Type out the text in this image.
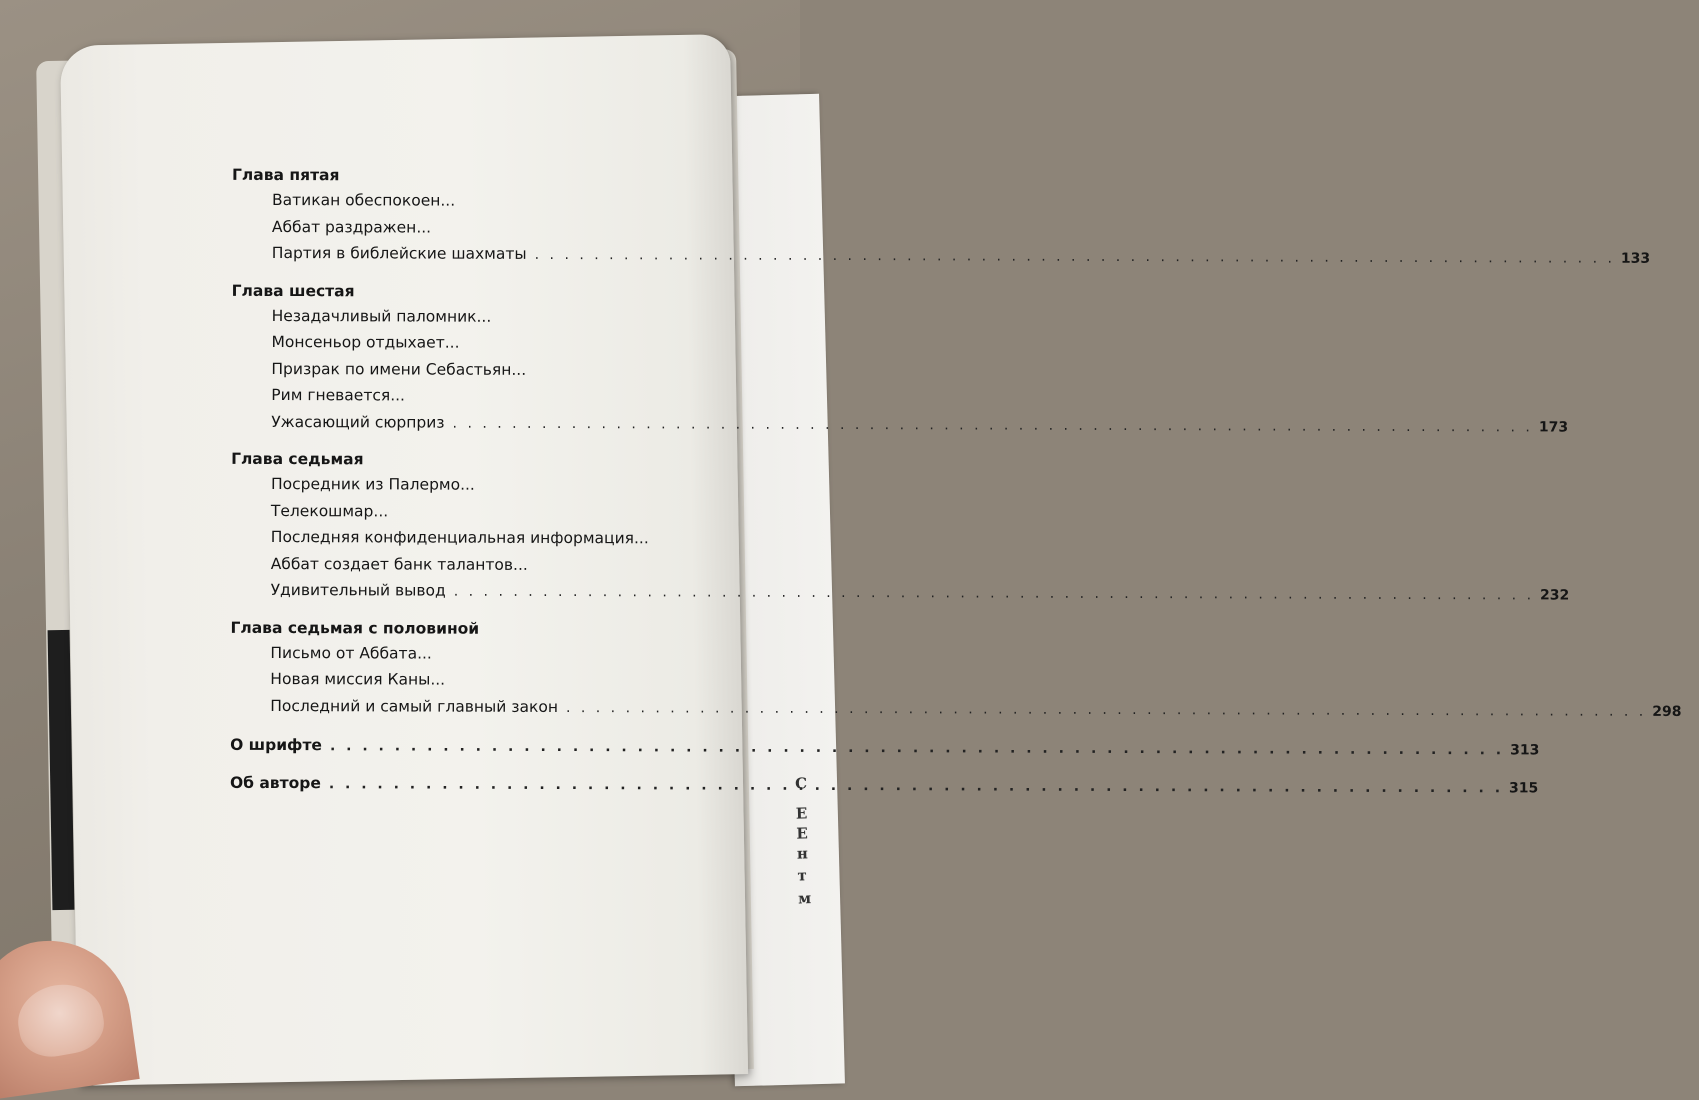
С
Е
Е
н
т
м
Глава пятая
Ватикан обеспокоен...
Аббат раздражен...
Партия в библейские шахматы . . .	133
Глава шестая
Незадачливый паломник...
Монсеньор отдыхает...
Призрак по имени Себастьян...
Рим гневается...
Ужасающий сюрприз . . .	173
Глава седьмая
Посредник из Палермо...
Телекошмар...
Последняя конфиденциальная информация...
Аббат создает банк талантов...
Удивительный вывод . . .	232
Глава седьмая с половиной
Письмо от Аббата...
Новая миссия Каны...
Последний и самый главный закон . . .	298
О шрифте . . .	313
Об авторе . . .	315
